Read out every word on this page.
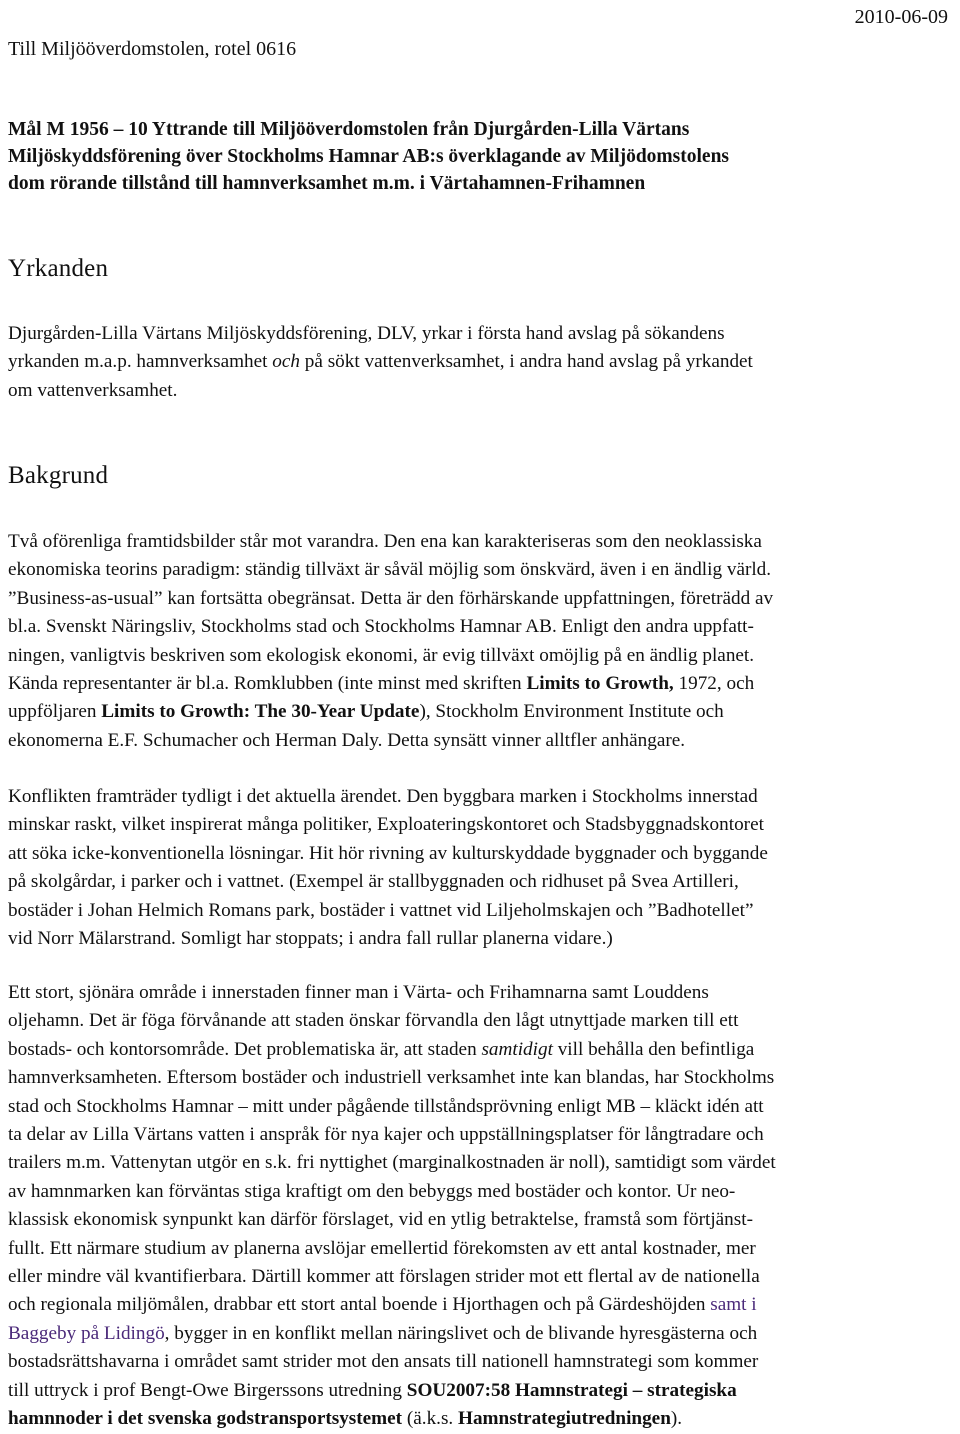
Till Miljööverdomstolen, rotel 0616
2010-06-09
Mål M 1956 – 10 Yttrande till Miljööverdomstolen från Djurgården-Lilla Värtans
Miljöskyddsförening över Stockholms Hamnar AB:s överklagande av Miljödomstolens
dom rörande tillstånd till hamnverksamhet m.m. i Värtahamnen-Frihamnen
Yrkanden
Djurgården-Lilla Värtans Miljöskyddsförening, DLV, yrkar i första hand avslag på sökandens
yrkanden m.a.p. hamnverksamhet och på sökt vattenverksamhet, i andra hand avslag på yrkandet
om vattenverksamhet.
Bakgrund
Två oförenliga framtidsbilder står mot varandra. Den ena kan karakteriseras som den neoklassiska
ekonomiska teorins paradigm: ständig tillväxt är såväl möjlig som önskvärd, även i en ändlig värld.
”Business-as-usual” kan fortsätta obegränsat. Detta är den förhärskande uppfattningen, företrädd av
bl.a. Svenskt Näringsliv, Stockholms stad och Stockholms Hamnar AB. Enligt den andra uppfatt-
ningen, vanligtvis beskriven som ekologisk ekonomi, är evig tillväxt omöjlig på en ändlig planet.
Kända representanter är bl.a. Romklubben (inte minst med skriften Limits to Growth, 1972, och
uppföljaren Limits to Growth: The 30-Year Update), Stockholm Environment Institute och
ekonomerna E.F. Schumacher och Herman Daly. Detta synsätt vinner alltfler anhängare.
Konflikten framträder tydligt i det aktuella ärendet. Den byggbara marken i Stockholms innerstad
minskar raskt, vilket inspirerat många politiker, Exploateringskontoret och Stadsbyggnadskontoret
att söka icke-konventionella lösningar. Hit hör rivning av kulturskyddade byggnader och byggande
på skolgårdar, i parker och i vattnet. (Exempel är stallbyggnaden och ridhuset på Svea Artilleri,
bostäder i Johan Helmich Romans park, bostäder i vattnet vid Liljeholmskajen och ”Badhotellet”
vid Norr Mälarstrand. Somligt har stoppats; i andra fall rullar planerna vidare.)
Ett stort, sjönära område i innerstaden finner man i Värta- och Frihamnarna samt Louddens
oljehamn. Det är föga förvånande att staden önskar förvandla den lågt utnyttjade marken till ett
bostads- och kontorsområde. Det problematiska är, att staden samtidigt vill behålla den befintliga
hamnverksamheten. Eftersom bostäder och industriell verksamhet inte kan blandas, har Stockholms
stad och Stockholms Hamnar – mitt under pågående tillståndsprövning enligt MB – kläckt idén att
ta delar av Lilla Värtans vatten i anspråk för nya kajer och uppställningsplatser för långtradare och
trailers m.m. Vattenytan utgör en s.k. fri nyttighet (marginalkostnaden är noll), samtidigt som värdet
av hamnmarken kan förväntas stiga kraftigt om den bebyggs med bostäder och kontor. Ur neo-
klassisk ekonomisk synpunkt kan därför förslaget, vid en ytlig betraktelse, framstå som förtjänst-
fullt. Ett närmare studium av planerna avslöjar emellertid förekomsten av ett antal kostnader, mer
eller mindre väl kvantifierbara. Därtill kommer att förslagen strider mot ett flertal av de nationella
och regionala miljömålen, drabbar ett stort antal boende i Hjorthagen och på Gärdeshöjden samt i
Baggeby på Lidingö, bygger in en konflikt mellan näringslivet och de blivande hyresgästerna och
bostadsrättshavarna i området samt strider mot den ansats till nationell hamnstrategi som kommer
till uttryck i prof Bengt-Owe Birgerssons utredning SOU2007:58 Hamnstrategi – strategiska
hamnnoder i det svenska godstransportsystemet (ä.k.s. Hamnstrategiutredningen).
